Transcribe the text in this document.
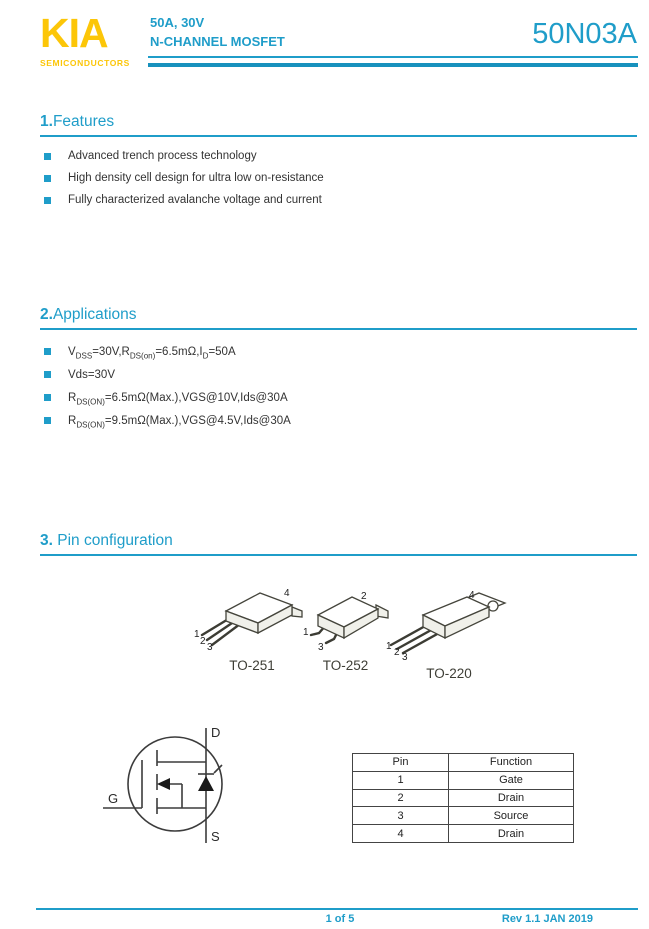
KIA
SEMICONDUCTORS
50A, 30V
N-CHANNEL MOSFET	50N03A
1.Features
Advanced trench process technology
High density cell design for ultra low on-resistance
Fully characterized avalanche voltage and current
2.Applications
$V_{DSS}=30V,R_{DS(on)}=6.5m\Omega,I_D=50A$
Vds=30V
$R_{DS(ON)}=6.5m\Omega(Max.),VGS@10V,Ids@30A$
$R_{DS(ON)}=9.5m\Omega(Max.),VGS@4.5V,Ids@30A$
3. Pin configuration
1
2
3
4
TO-251
1
3
2
TO-252
1
2 3
4
TO-220
D
S
G
Pin	Function
1	Gate
2	Drain
3	Source
4	Drain
1 of 5	Rev 1.1 JAN 2019
